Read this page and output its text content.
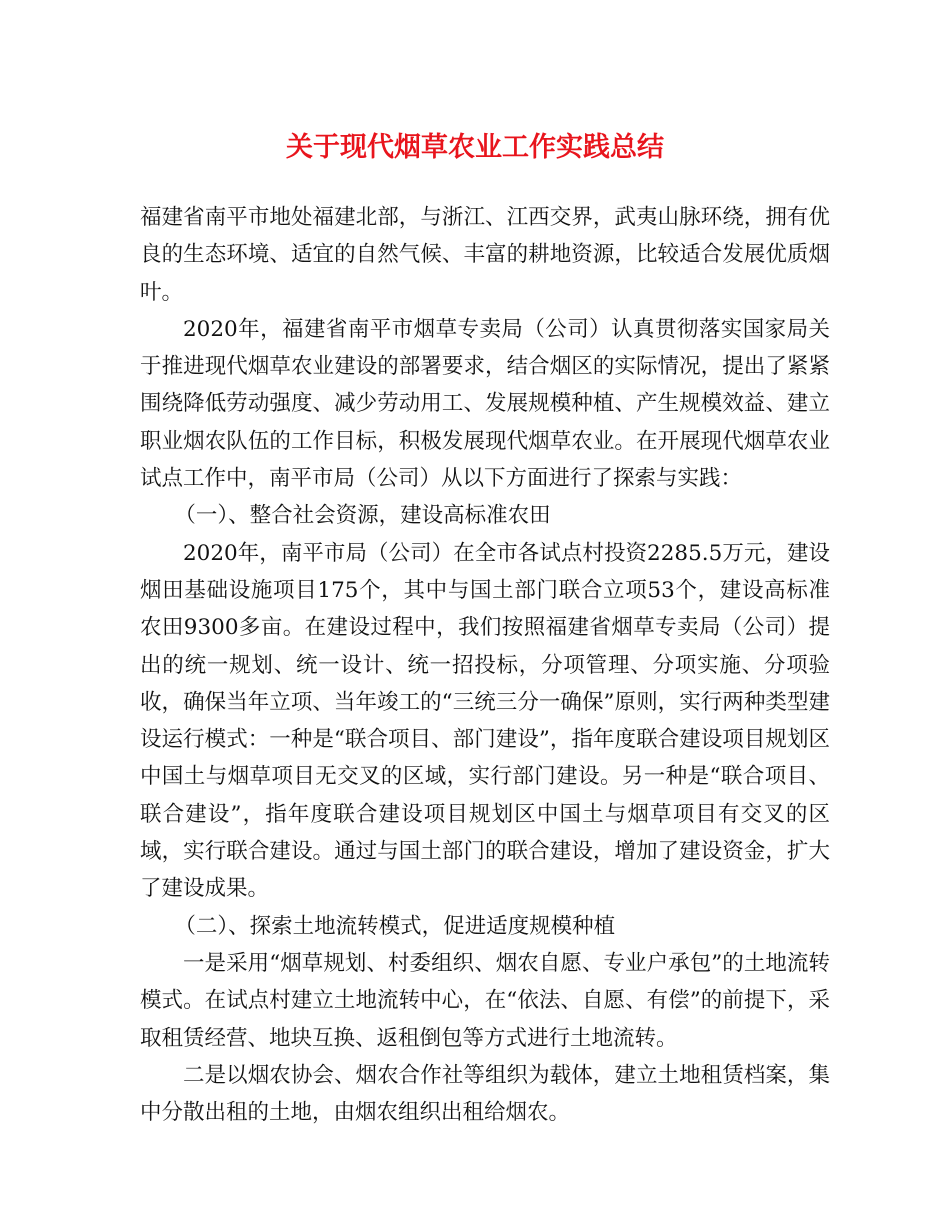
关于现代烟草农业工作实践总结

福建省南平市地处福建北部，与浙江、江西交界，武夷山脉环绕，拥有优良的生态环境、适宜的自然气候、丰富的耕地资源，比较适合发展优质烟叶。

2020年，福建省南平市烟草专卖局（公司）认真贯彻落实国家局关于推进现代烟草农业建设的部署要求，结合烟区的实际情况，提出了紧紧围绕降低劳动强度、减少劳动用工、发展规模种植、产生规模效益、建立职业烟农队伍的工作目标，积极发展现代烟草农业。在开展现代烟草农业试点工作中，南平市局（公司）从以下方面进行了探索与实践：

（一）、整合社会资源，建设高标准农田

2020年，南平市局（公司）在全市各试点村投资2285.5万元，建设烟田基础设施项目175个，其中与国土部门联合立项53个，建设高标准农田9300多亩。在建设过程中，我们按照福建省烟草专卖局（公司）提出的统一规划、统一设计、统一招投标，分项管理、分项实施、分项验收，确保当年立项、当年竣工的“三统三分一确保”原则，实行两种类型建设运行模式：一种是“联合项目、部门建设”，指年度联合建设项目规划区中国土与烟草项目无交叉的区域，实行部门建设。另一种是“联合项目、联合建设”，指年度联合建设项目规划区中国土与烟草项目有交叉的区域，实行联合建设。通过与国土部门的联合建设，增加了建设资金，扩大了建设成果。

（二）、探索土地流转模式，促进适度规模种植

一是采用“烟草规划、村委组织、烟农自愿、专业户承包”的土地流转模式。在试点村建立土地流转中心，在“依法、自愿、有偿”的前提下，采取租赁经营、地块互换、返租倒包等方式进行土地流转。

二是以烟农协会、烟农合作社等组织为载体，建立土地租赁档案，集中分散出租的土地，由烟农组织出租给烟农。
